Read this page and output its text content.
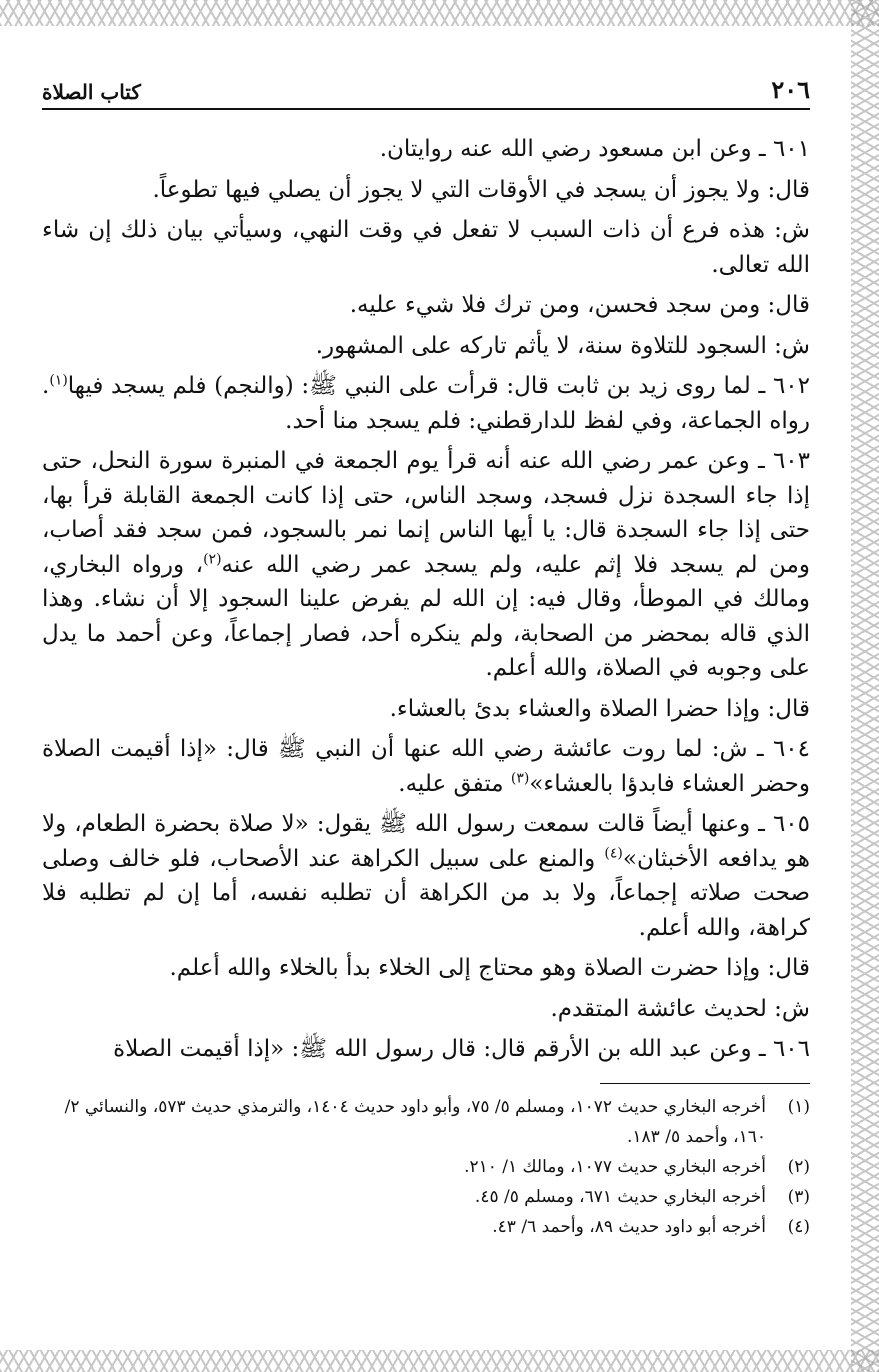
٢٠٦
كتاب الصلاة

٦٠١ ـ وعن ابن مسعود رضي الله عنه روايتان.

قال: ولا يجوز أن يسجد في الأوقات التي لا يجوز أن يصلي فيها تطوعاً.

ش: هذه فرع أن ذات السبب لا تفعل في وقت النهي، وسيأتي بيان ذلك إن شاء الله تعالى.

قال: ومن سجد فحسن، ومن ترك فلا شيء عليه.

ش: السجود للتلاوة سنة، لا يأثم تاركه على المشهور.

٦٠٢ ـ لما روى زيد بن ثابت قال: قرأت على النبي ﷺ: (والنجم) فلم يسجد فيها$^{(١)}$. رواه الجماعة، وفي لفظ للدارقطني: فلم يسجد منا أحد.

٦٠٣ ـ وعن عمر رضي الله عنه أنه قرأ يوم الجمعة في المنبرة سورة النحل، حتى إذا جاء السجدة نزل فسجد، وسجد الناس، حتى إذا كانت الجمعة القابلة قرأ بها، حتى إذا جاء السجدة قال: يا أيها الناس إنما نمر بالسجود، فمن سجد فقد أصاب، ومن لم يسجد فلا إثم عليه، ولم يسجد عمر رضي الله عنه$^{(٢)}$، ورواه البخاري، ومالك في الموطأ، وقال فيه: إن الله لم يفرض علينا السجود إلا أن نشاء. وهذا الذي قاله بمحضر من الصحابة، ولم ينكره أحد، فصار إجماعاً، وعن أحمد ما يدل على وجوبه في الصلاة، والله أعلم.

قال: وإذا حضرا الصلاة والعشاء بدئ بالعشاء.

٦٠٤ ـ ش: لما روت عائشة رضي الله عنها أن النبي ﷺ قال: «إذا أقيمت الصلاة وحضر العشاء فابدؤا بالعشاء»$^{(٣)}$ متفق عليه.

٦٠٥ ـ وعنها أيضاً قالت سمعت رسول الله ﷺ يقول: «لا صلاة بحضرة الطعام، ولا هو يدافعه الأخبثان»$^{(٤)}$ والمنع على سبيل الكراهة عند الأصحاب، فلو خالف وصلى صحت صلاته إجماعاً، ولا بد من الكراهة أن تطلبه نفسه، أما إن لم تطلبه فلا كراهة، والله أعلم.

قال: وإذا حضرت الصلاة وهو محتاج إلى الخلاء بدأ بالخلاء والله أعلم.

ش: لحديث عائشة المتقدم.

٦٠٦ ـ وعن عبد الله بن الأرقم قال: قال رسول الله ﷺ: «إذا أقيمت الصلاة

(١)
أخرجه البخاري حديث ١٠٧٢، ومسلم ٥/ ٧٥، وأبو داود حديث ١٤٠٤، والترمذي حديث ٥٧٣، والنسائي ٢/ ١٦٠، وأحمد ٥/ ١٨٣.
(٢)
أخرجه البخاري حديث ١٠٧٧، ومالك ١/ ٢١٠.
(٣)
أخرجه البخاري حديث ٦٧١، ومسلم ٥/ ٤٥.
(٤)
أخرجه أبو داود حديث ٨٩، وأحمد ٦/ ٤٣.
